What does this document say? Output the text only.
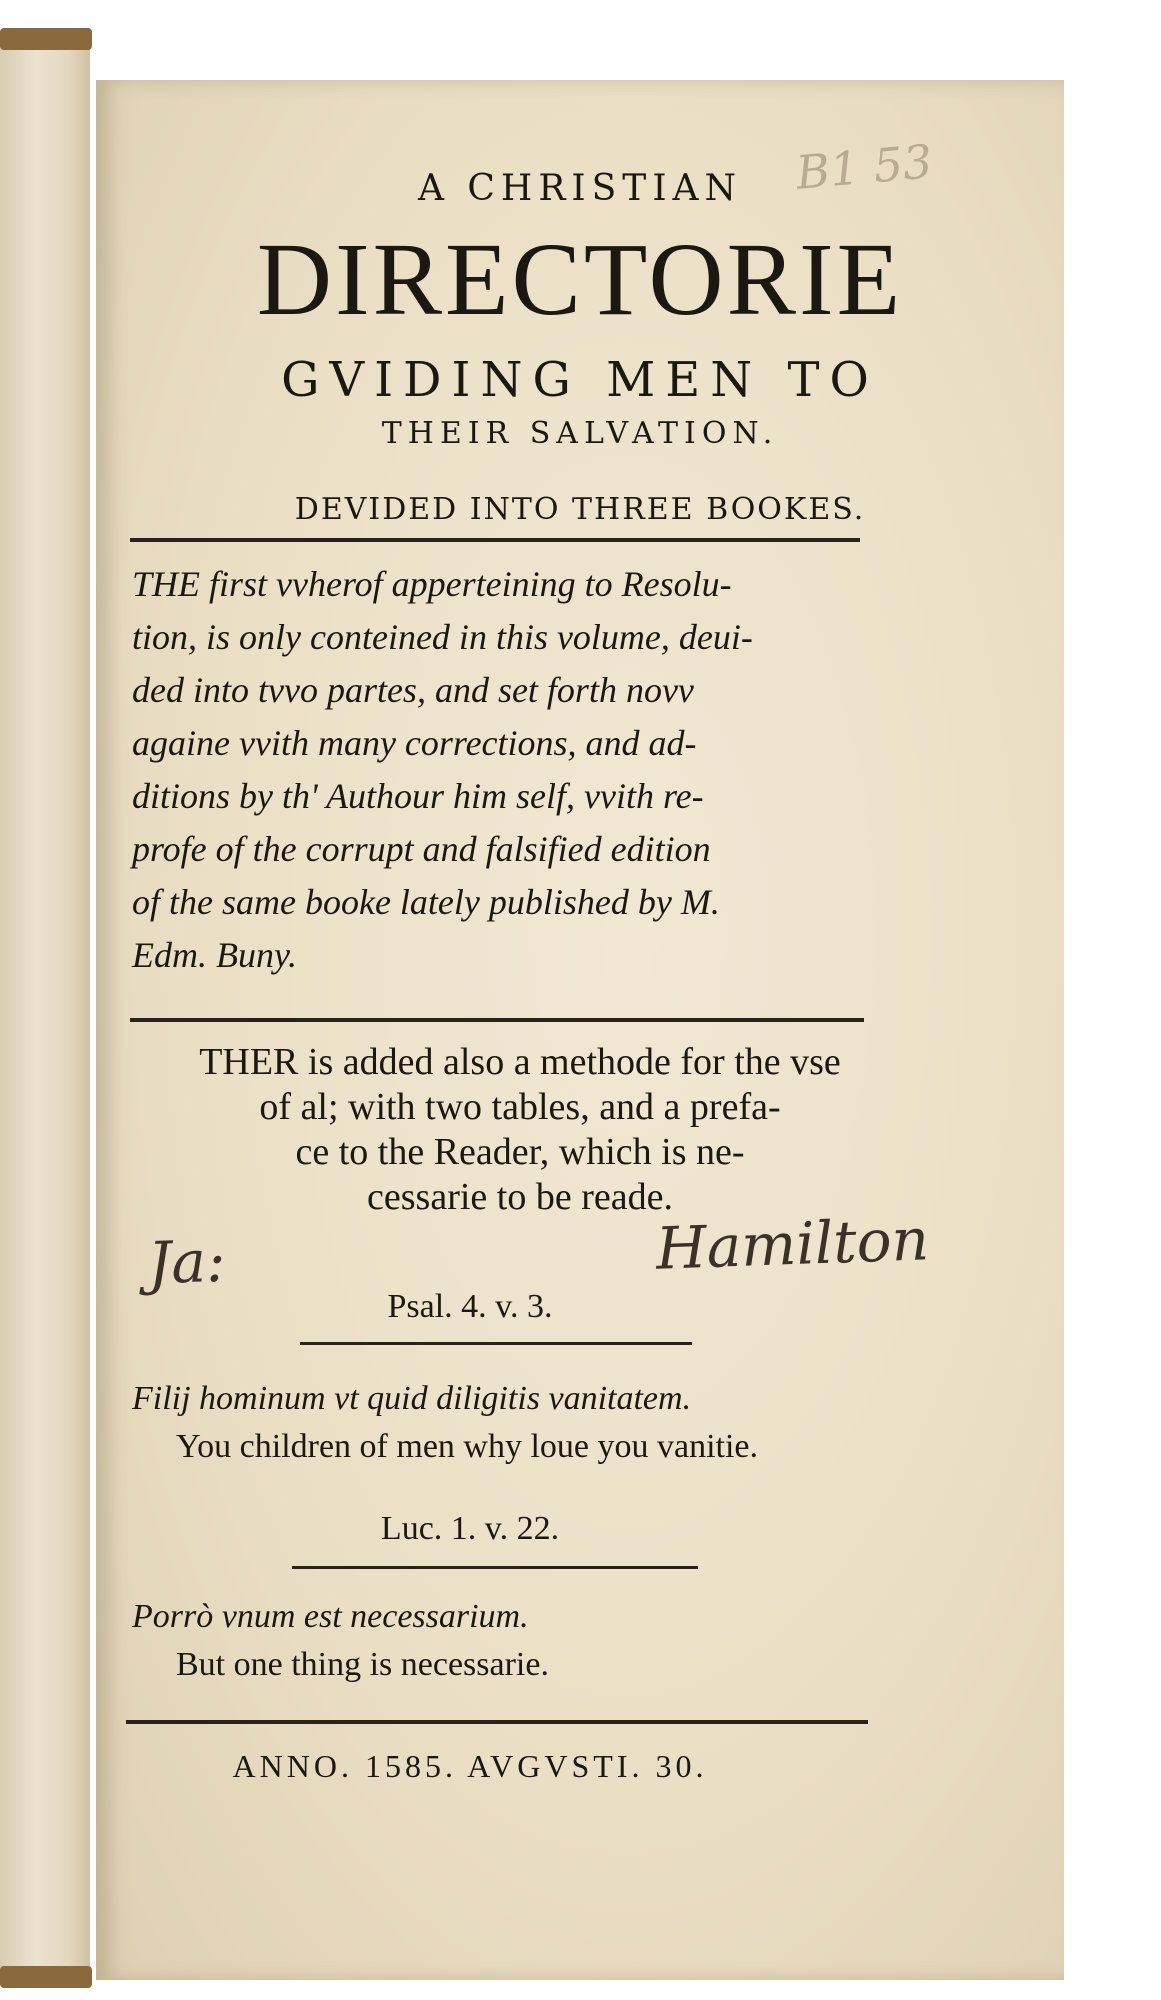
B1 53
A CHRISTIAN
DIRECTORIE
GVIDING MEN TO
THEIR SALVATION.
DEVIDED INTO THREE BOOKES.
THE first vvherof apperteining to Resolu-
tion, is only conteined in this volume, deui-
ded into tvvo partes, and set forth novv
againe vvith many corrections, and ad-
ditions by th' Authour him self, vvith re-
profe of the corrupt and falsified edition
of the same booke lately published by M.
Edm. Buny.
THER is added also a methode for the vse
of al; with two tables, and a prefa-
ce to the Reader, which is ne-
cessarie to be reade.
Ja:	Hamilton
Psal. 4. v. 3.
Filij hominum vt quid diligitis vanitatem.
You children of men why loue you vanitie.
Luc. 1. v. 22.
Porrò vnum est necessarium.
But one thing is necessarie.
ANNO. 1585. AVGVSTI. 30.
